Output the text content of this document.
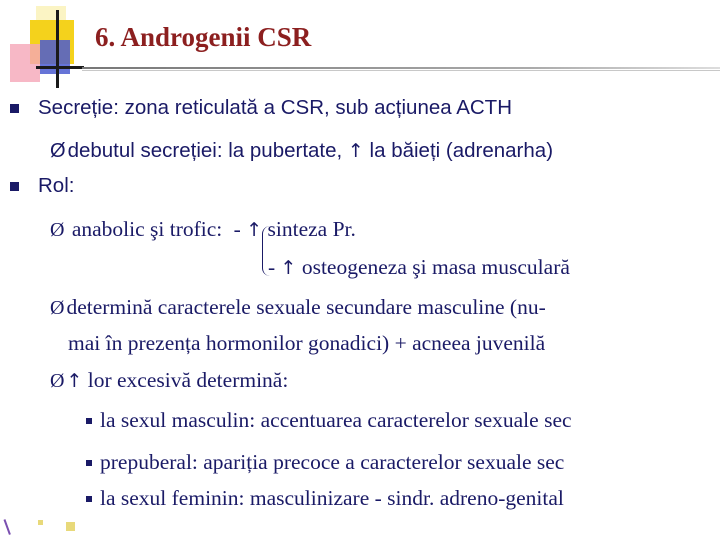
6. Androgenii CSR
Secreție: zona reticulată a CSR, sub acțiunea ACTH
Ødebutul secreției: la pubertate, ↑ la băieți (adrenarha)
Rol:
Ø anabolic şi trofic: - ↑ sinteza Pr.
- ↑ osteogeneza şi masa musculară
Ødetermină caracterele sexuale secundare masculine (nu-
mai în prezența hormonilor gonadici) + acneea juvenilă
Ø ↑ lor excesivă determină:
la sexul masculin: accentuarea caracterelor sexuale sec
prepuberal: apariția precoce a caracterelor sexuale sec
la sexul feminin: masculinizare - sindr. adreno-genital
